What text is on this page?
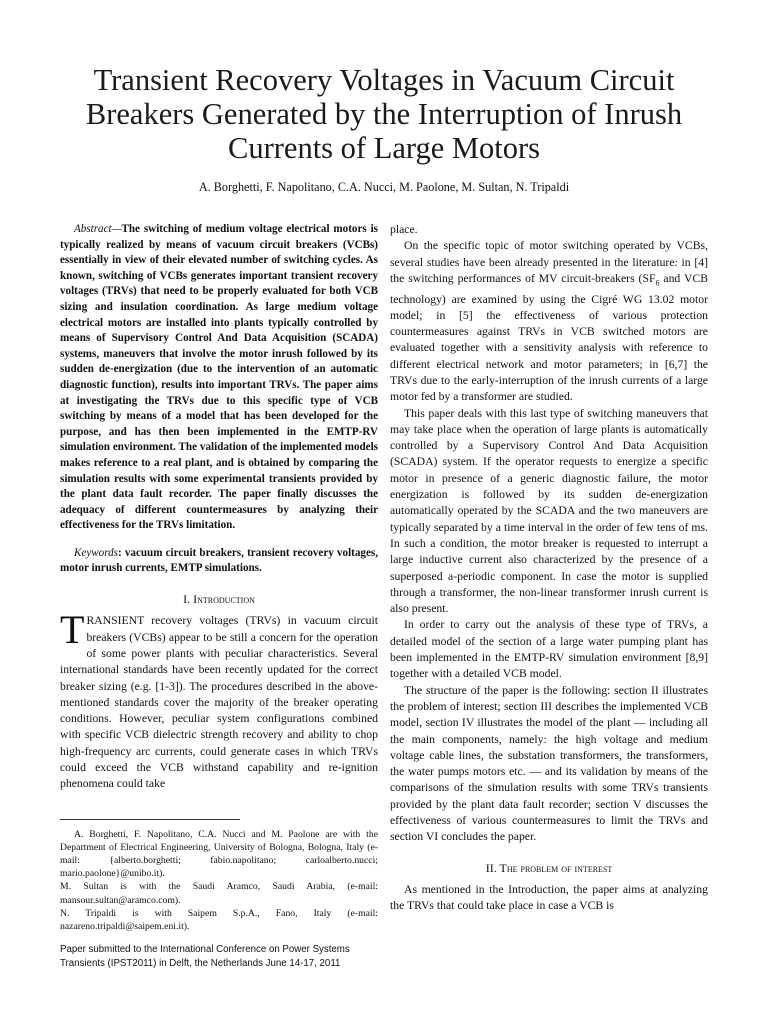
Transient Recovery Voltages in Vacuum Circuit Breakers Generated by the Interruption of Inrush Currents of Large Motors
A. Borghetti, F. Napolitano, C.A. Nucci, M. Paolone, M. Sultan, N. Tripaldi

Abstract—The switching of medium voltage electrical motors is typically realized by means of vacuum circuit breakers (VCBs) essentially in view of their elevated number of switching cycles. As known, switching of VCBs generates important transient recovery voltages (TRVs) that need to be properly evaluated for both VCB sizing and insulation coordination. As large medium voltage electrical motors are installed into plants typically controlled by means of Supervisory Control And Data Acquisition (SCADA) systems, maneuvers that involve the motor inrush followed by its sudden de-energization (due to the intervention of an automatic diagnostic function), results into important TRVs. The paper aims at investigating the TRVs due to this specific type of VCB switching by means of a model that has been developed for the purpose, and has then been implemented in the EMTP-RV simulation environment. The validation of the implemented models makes reference to a real plant, and is obtained by comparing the simulation results with some experimental transients provided by the plant data fault recorder. The paper finally discusses the adequacy of different countermeasures by analyzing their effectiveness for the TRVs limitation.

Keywords: vacuum circuit breakers, transient recovery voltages, motor inrush currents, EMTP simulations.

I. Introduction

TRANSIENT recovery voltages (TRVs) in vacuum circuit breakers (VCBs) appear to be still a concern for the operation of some power plants with peculiar characteristics. Several international standards have been recently updated for the correct breaker sizing (e.g. [1-3]). The procedures described in the above-mentioned standards cover the majority of the breaker operating conditions. However, peculiar system configurations combined with specific VCB dielectric strength recovery and ability to chop high-frequency arc currents, could generate cases in which TRVs could exceed the VCB withstand capability and re-ignition phenomena could take

A. Borghetti, F. Napolitano, C.A. Nucci and M. Paolone are with the Department of Electrical Engineering, University of Bologna, Bologna, Italy (e-mail: {alberto.borghetti; fabio.napolitano; carloalberto.nucci; mario.paolone}@unibo.it).

M. Sultan is with the Saudi Aramco, Saudi Arabia, (e-mail: mansour.sultan@aramco.com).

N. Tripaldi is with Saipem S.p.A., Fano, Italy (e-mail: nazareno.tripaldi@saipem.eni.it).

Paper submitted to the International Conference on Power Systems Transients (IPST2011) in Delft, the Netherlands June 14-17, 2011

place.

On the specific topic of motor switching operated by VCBs, several studies have been already presented in the literature: in [4] the switching performances of MV circuit-breakers ($SF_6$ and VCB technology) are examined by using the Cigré WG 13.02 motor model; in [5] the effectiveness of various protection countermeasures against TRVs in VCB switched motors are evaluated together with a sensitivity analysis with reference to different electrical network and motor parameters; in [6,7] the TRVs due to the early-interruption of the inrush currents of a large motor fed by a transformer are studied.

This paper deals with this last type of switching maneuvers that may take place when the operation of large plants is automatically controlled by a Supervisory Control And Data Acquisition (SCADA) system. If the operator requests to energize a specific motor in presence of a generic diagnostic failure, the motor energization is followed by its sudden de-energization automatically operated by the SCADA and the two maneuvers are typically separated by a time interval in the order of few tens of ms. In such a condition, the motor breaker is requested to interrupt a large inductive current also characterized by the presence of a superposed a-periodic component. In case the motor is supplied through a transformer, the non-linear transformer inrush current is also present.

In order to carry out the analysis of these type of TRVs, a detailed model of the section of a large water pumping plant has been implemented in the EMTP-RV simulation environment [8,9] together with a detailed VCB model.

The structure of the paper is the following: section II illustrates the problem of interest; section III describes the implemented VCB model, section IV illustrates the model of the plant — including all the main components, namely: the high voltage and medium voltage cable lines, the substation transformers, the transformers, the water pumps motors etc. — and its validation by means of the comparisons of the simulation results with some TRVs transients provided by the plant data fault recorder; section V discusses the effectiveness of various countermeasures to limit the TRVs and section VI concludes the paper.

II. The problem of interest

As mentioned in the Introduction, the paper aims at analyzing the TRVs that could take place in case a VCB is
